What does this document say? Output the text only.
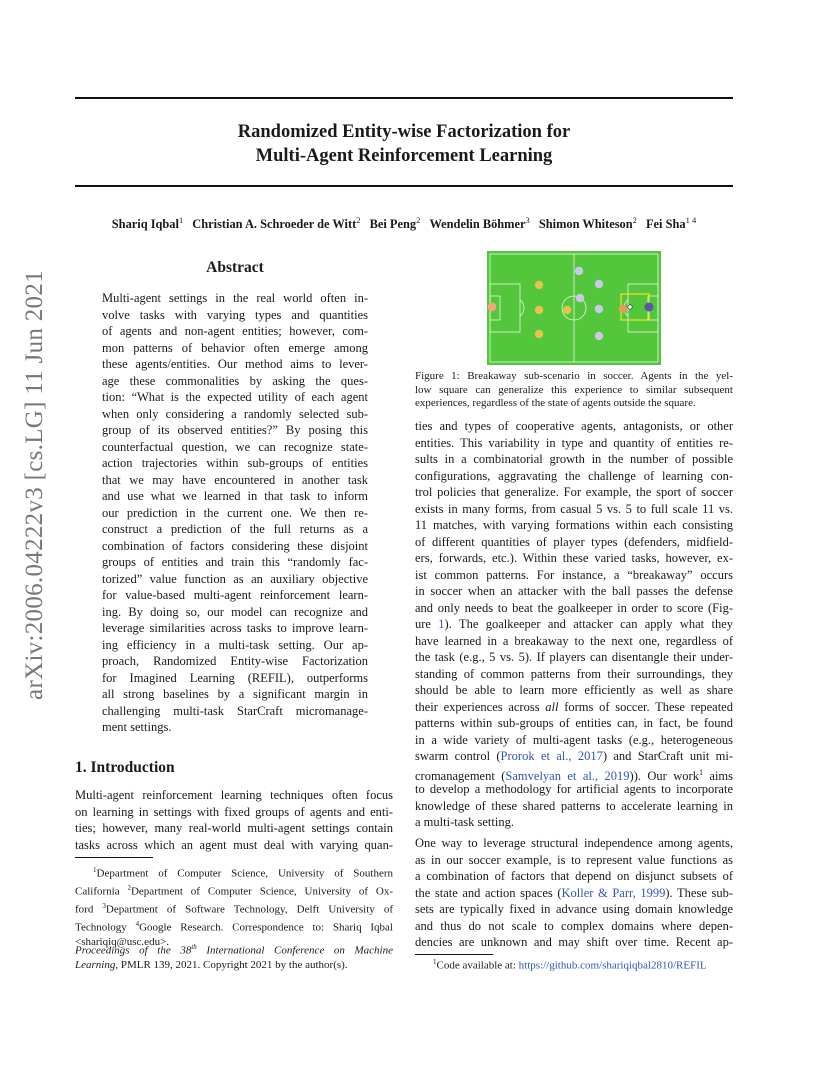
Randomized Entity-wise Factorization for
Multi-Agent Reinforcement Learning
Shariq Iqbal$^1$ Christian A. Schroeder de Witt$^2$ Bei Peng$^2$ Wendelin Böhmer$^3$ Shimon Whiteson$^2$ Fei Sha$^{1 4}$
arXiv:2006.04222v3 [cs.LG] 11 Jun 2021
Abstract
Multi-agent settings in the real world often in-
volve tasks with varying types and quantities
of agents and non-agent entities; however, com-
mon patterns of behavior often emerge among
these agents/entities. Our method aims to lever-
age these commonalities by asking the ques-
tion: “What is the expected utility of each agent
when only considering a randomly selected sub-
group of its observed entities?” By posing this
counterfactual question, we can recognize state-
action trajectories within sub-groups of entities
that we may have encountered in another task
and use what we learned in that task to inform
our prediction in the current one. We then re-
construct a prediction of the full returns as a
combination of factors considering these disjoint
groups of entities and train this “randomly fac-
torized” value function as an auxiliary objective
for value-based multi-agent reinforcement learn-
ing. By doing so, our model can recognize and
leverage similarities across tasks to improve learn-
ing efficiency in a multi-task setting. Our ap-
proach, Randomized Entity-wise Factorization
for Imagined Learning (REFIL), outperforms
all strong baselines by a significant margin in
challenging multi-task StarCraft micromanage-
ment settings.
1. Introduction
Multi-agent reinforcement learning techniques often focus
on learning in settings with fixed groups of agents and enti-
ties; however, many real-world multi-agent settings contain
tasks across which an agent must deal with varying quan-
$^1$Department of Computer Science, University of Southern
California $^2$Department of Computer Science, University of Ox-
ford $^3$Department of Software Technology, Delft University of
Technology $^4$Google Research. Correspondence to: Shariq Iqbal
<shariqiq@usc.edu>.
Proceedings of the 38th International Conference on Machine
Learning, PMLR 139, 2021. Copyright 2021 by the author(s).
Figure 1: Breakaway sub-scenario in soccer. Agents in the yel-
low square can generalize this experience to similar subsequent
experiences, regardless of the state of agents outside the square.
ties and types of cooperative agents, antagonists, or other
entities. This variability in type and quantity of entities re-
sults in a combinatorial growth in the number of possible
configurations, aggravating the challenge of learning con-
trol policies that generalize. For example, the sport of soccer
exists in many forms, from casual 5 vs. 5 to full scale 11 vs.
11 matches, with varying formations within each consisting
of different quantities of player types (defenders, midfield-
ers, forwards, etc.). Within these varied tasks, however, ex-
ist common patterns. For instance, a “breakaway” occurs
in soccer when an attacker with the ball passes the defense
and only needs to beat the goalkeeper in order to score (Fig-
ure 1). The goalkeeper and attacker can apply what they
have learned in a breakaway to the next one, regardless of
the task (e.g., 5 vs. 5). If players can disentangle their under-
standing of common patterns from their surroundings, they
should be able to learn more efficiently as well as share
their experiences across all forms of soccer. These repeated
patterns within sub-groups of entities can, in fact, be found
in a wide variety of multi-agent tasks (e.g., heterogeneous
swarm control (Prorok et al., 2017) and StarCraft unit mi-
cromanagement (Samvelyan et al., 2019)). Our work$^1$ aims
to develop a methodology for artificial agents to incorporate
knowledge of these shared patterns to accelerate learning in
a multi-task setting.
One way to leverage structural independence among agents,
as in our soccer example, is to represent value functions as
a combination of factors that depend on disjunct subsets of
the state and action spaces (Koller & Parr, 1999). These sub-
sets are typically fixed in advance using domain knowledge
and thus do not scale to complex domains where depen-
dencies are unknown and may shift over time. Recent ap-
$^1$Code available at: https://github.com/shariqiqbal2810/REFIL
